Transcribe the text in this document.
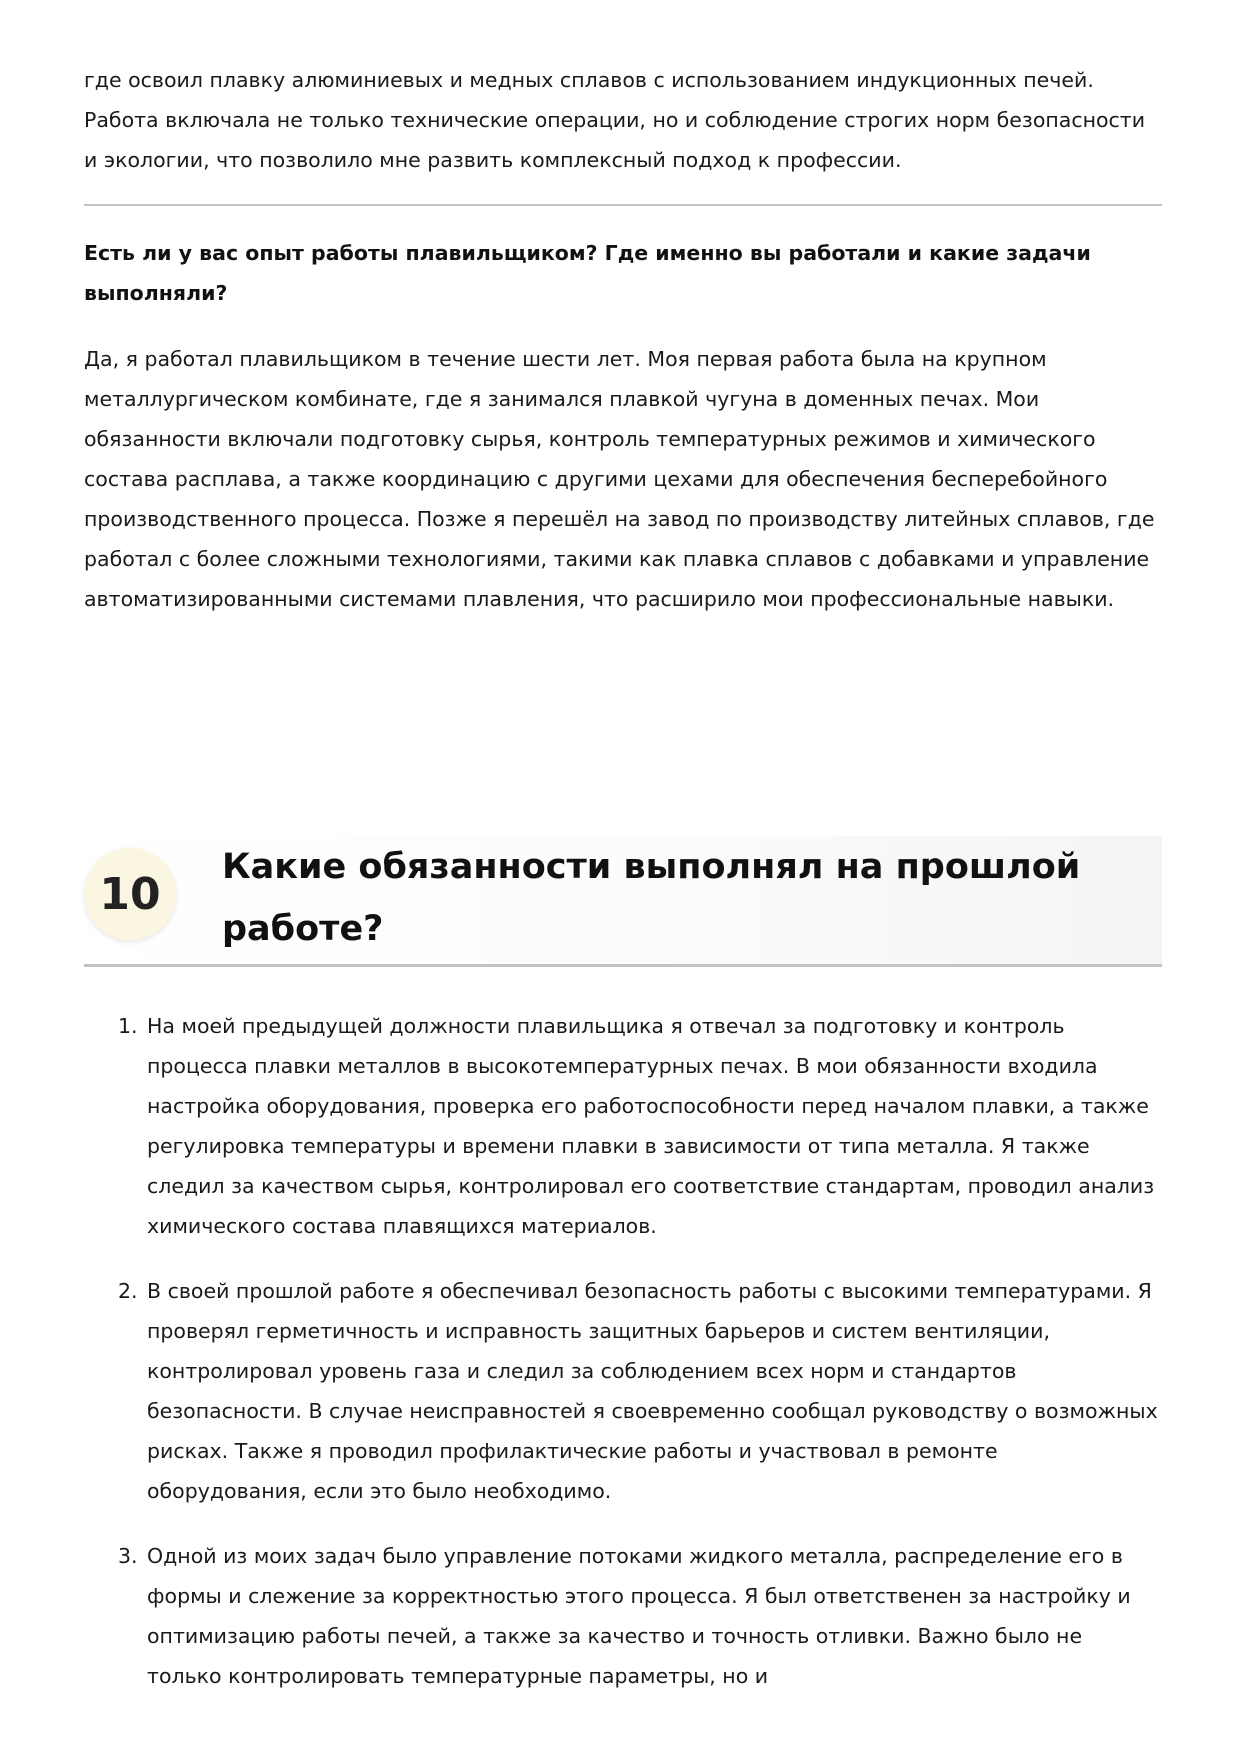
где освоил плавку алюминиевых и медных сплавов с использованием индукционных печей. Работа включала не только технические операции, но и соблюдение строгих норм безопасности и экологии, что позволило мне развить комплексный подход к профессии.

Есть ли у вас опыт работы плавильщиком? Где именно вы работали и какие задачи выполняли?

Да, я работал плавильщиком в течение шести лет. Моя первая работа была на крупном металлургическом комбинате, где я занимался плавкой чугуна в доменных печах. Мои обязанности включали подготовку сырья, контроль температурных режимов и химического состава расплава, а также координацию с другими цехами для обеспечения бесперебойного производственного процесса. Позже я перешёл на завод по производству литейных сплавов, где работал с более сложными технологиями, такими как плавка сплавов с добавками и управление автоматизированными системами плавления, что расширило мои профессиональные навыки.

10
Какие обязанности выполнял на прошлой работе?
1. На моей предыдущей должности плавильщика я отвечал за подготовку и контроль процесса плавки металлов в высокотемпературных печах. В мои обязанности входила настройка оборудования, проверка его работоспособности перед началом плавки, а также регулировка температуры и времени плавки в зависимости от типа металла. Я также следил за качеством сырья, контролировал его соответствие стандартам, проводил анализ химического состава плавящихся материалов.
2. В своей прошлой работе я обеспечивал безопасность работы с высокими температурами. Я проверял герметичность и исправность защитных барьеров и систем вентиляции, контролировал уровень газа и следил за соблюдением всех норм и стандартов безопасности. В случае неисправностей я своевременно сообщал руководству о возможных рисках. Также я проводил профилактические работы и участвовал в ремонте оборудования, если это было необходимо.
3. Одной из моих задач было управление потоками жидкого металла, распределение его в формы и слежение за корректностью этого процесса. Я был ответственен за настройку и оптимизацию работы печей, а также за качество и точность отливки. Важно было не только контролировать температурные параметры, но и
